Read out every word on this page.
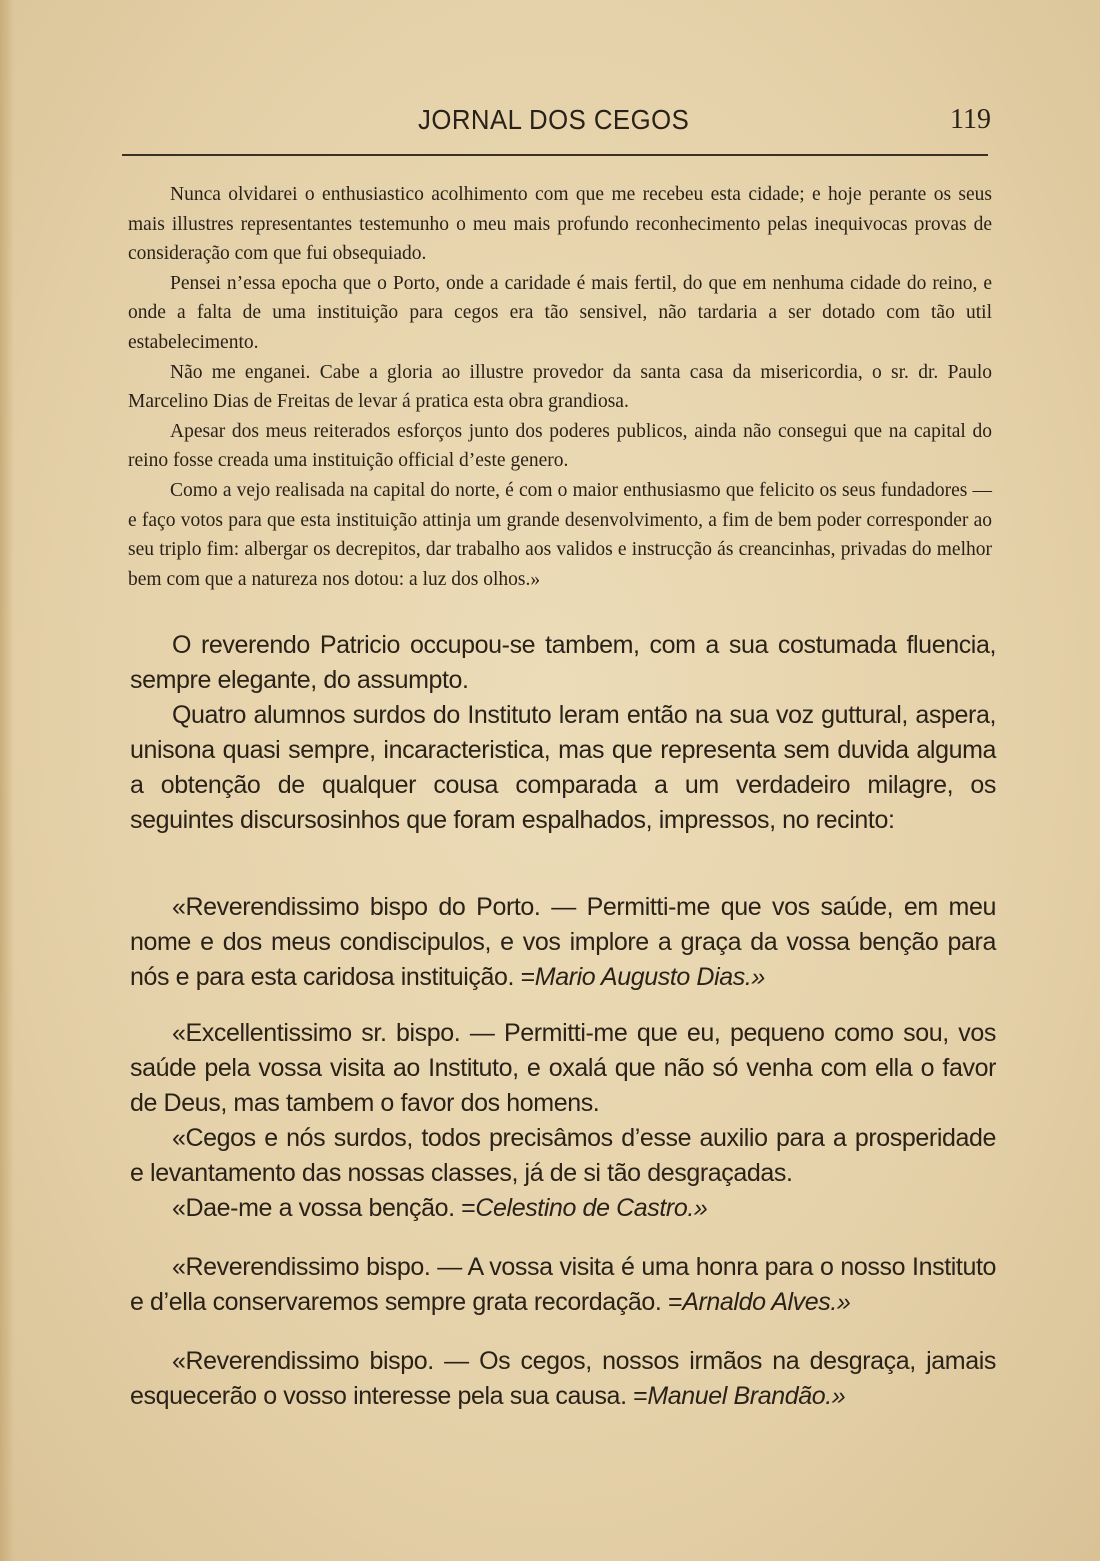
JORNAL DOS CEGOS	119

Nunca olvidarei o enthusiastico acolhimento com que me recebeu esta cidade; e hoje perante os seus mais illustres representantes testemunho o meu mais profundo reconhecimento pelas inequivocas provas de consideração com que fui obsequiado.

Pensei n’essa epocha que o Porto, onde a caridade é mais fertil, do que em nenhuma cidade do reino, e onde a falta de uma instituição para cegos era tão sensivel, não tardaria a ser dotado com tão util estabelecimento.

Não me enganei. Cabe a gloria ao illustre provedor da santa casa da misericordia, o sr. dr. Paulo Marcelino Dias de Freitas de levar á pratica esta obra grandiosa.

Apesar dos meus reiterados esforços junto dos poderes publicos, ainda não consegui que na capital do reino fosse creada uma instituição official d’este genero.

Como a vejo realisada na capital do norte, é com o maior enthusiasmo que felicito os seus fundadores — e faço votos para que esta instituição attinja um grande desenvolvimento, a fim de bem poder corresponder ao seu triplo fim: albergar os decrepitos, dar trabalho aos validos e instrucção ás creancinhas, privadas do melhor bem com que a natureza nos dotou: a luz dos olhos.»

O reverendo Patricio occupou-se tambem, com a sua costumada fluencia, sempre elegante, do assumpto.

Quatro alumnos surdos do Instituto leram então na sua voz guttural, aspera, unisona quasi sempre, incaracteristica, mas que representa sem duvida alguma a obtenção de qualquer cousa comparada a um verdadeiro milagre, os seguintes discursosinhos que foram espalhados, impressos, no recinto:

«Reverendissimo bispo do Porto. — Permitti-me que vos saúde, em meu nome e dos meus condiscipulos, e vos implore a graça da vossa benção para nós e para esta caridosa instituição. =Mario Augusto Dias.»

«Excellentissimo sr. bispo. — Permitti-me que eu, pequeno como sou, vos saúde pela vossa visita ao Instituto, e oxalá que não só venha com ella o favor de Deus, mas tambem o favor dos homens.

«Cegos e nós surdos, todos precisâmos d’esse auxilio para a prosperidade e levantamento das nossas classes, já de si tão desgraçadas.

«Dae-me a vossa benção. =Celestino de Castro.»

«Reverendissimo bispo. — A vossa visita é uma honra para o nosso Instituto e d’ella conservaremos sempre grata recordação. =Arnaldo Alves.»

«Reverendissimo bispo. — Os cegos, nossos irmãos na desgraça, jamais esquecerão o vosso interesse pela sua causa. =Manuel Brandão.»
